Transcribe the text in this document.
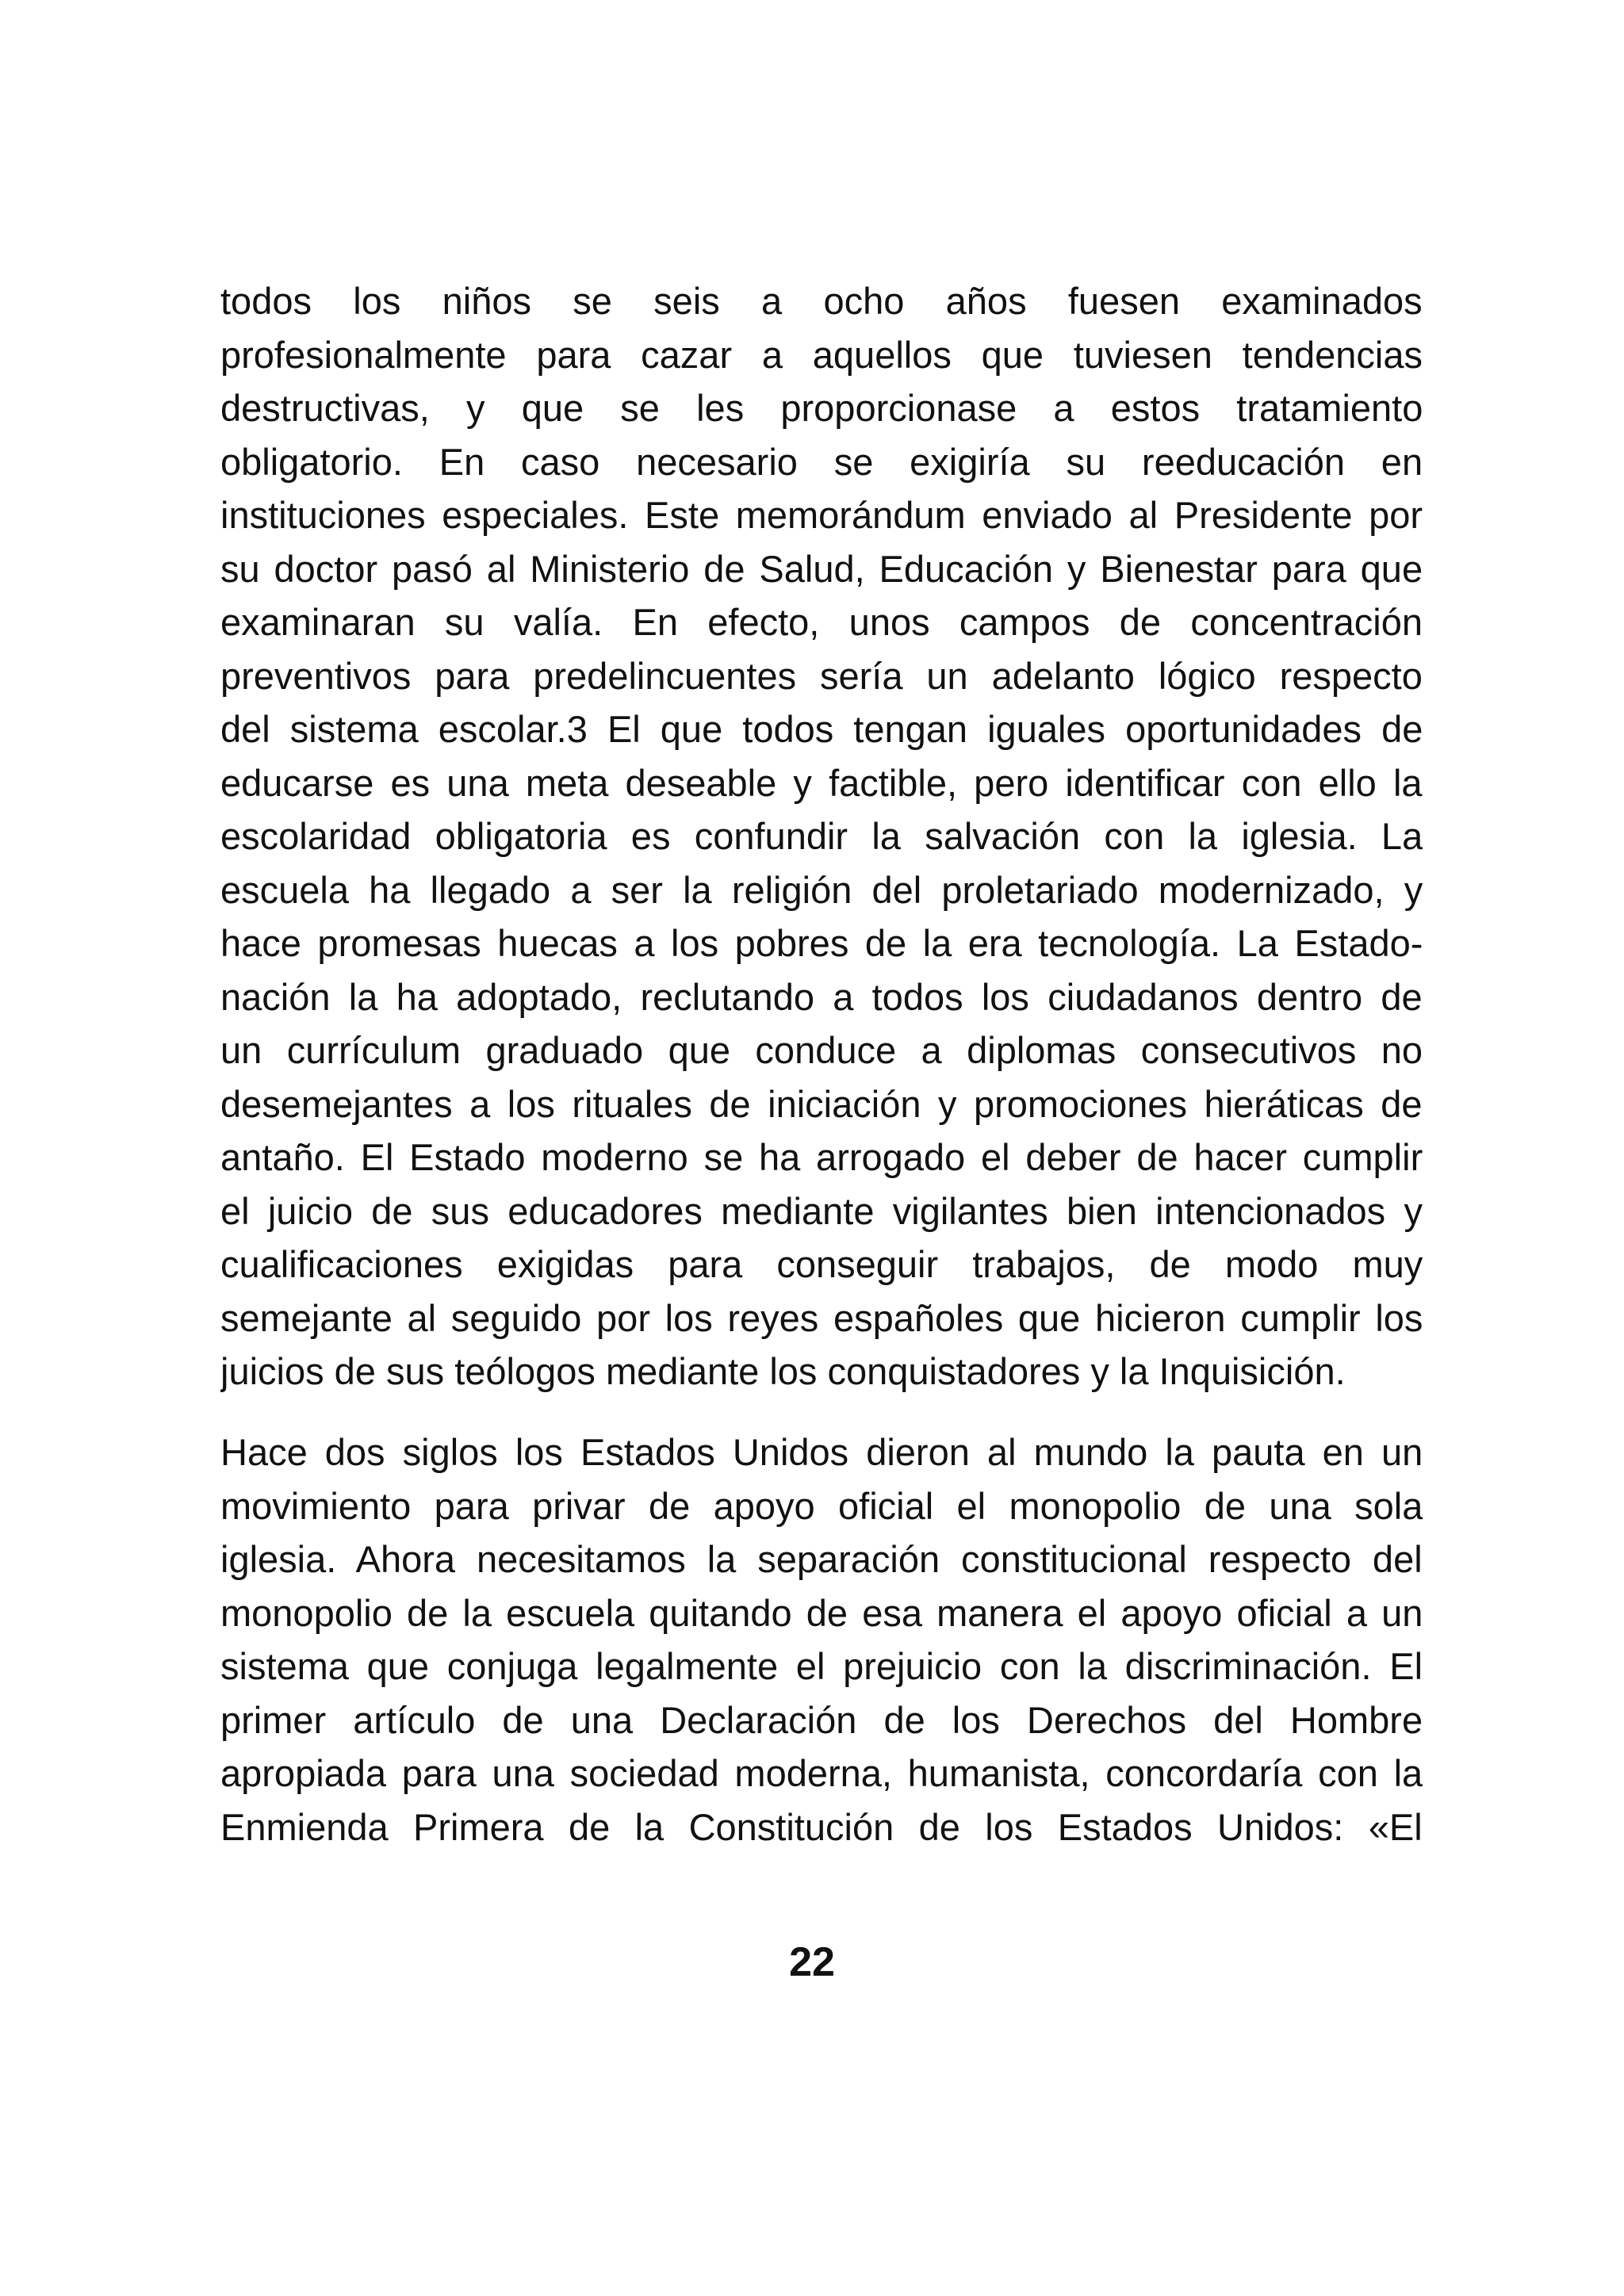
todos los niños se seis a ocho años fuesen examinados
profesionalmente para cazar a aquellos que tuviesen tendencias
destructivas, y que se les proporcionase a estos tratamiento
obligatorio. En caso necesario se exigiría su reeducación en
instituciones especiales. Este memorándum enviado al Presidente por
su doctor pasó al Ministerio de Salud, Educación y Bienestar para que
examinaran su valía. En efecto, unos campos de concentración
preventivos para predelincuentes sería un adelanto lógico respecto
del sistema escolar.3 El que todos tengan iguales oportunidades de
educarse es una meta deseable y factible, pero identificar con ello la
escolaridad obligatoria es confundir la salvación con la iglesia. La
escuela ha llegado a ser la religión del proletariado modernizado, y
hace promesas huecas a los pobres de la era tecnología. La Estado-
nación la ha adoptado, reclutando a todos los ciudadanos dentro de
un currículum graduado que conduce a diplomas consecutivos no
desemejantes a los rituales de iniciación y promociones hieráticas de
antaño. El Estado moderno se ha arrogado el deber de hacer cumplir
el juicio de sus educadores mediante vigilantes bien intencionados y
cualificaciones exigidas para conseguir trabajos, de modo muy
semejante al seguido por los reyes españoles que hicieron cumplir los
juicios de sus teólogos mediante los conquistadores y la Inquisición.
Hace dos siglos los Estados Unidos dieron al mundo la pauta en un
movimiento para privar de apoyo oficial el monopolio de una sola
iglesia. Ahora necesitamos la separación constitucional respecto del
monopolio de la escuela quitando de esa manera el apoyo oficial a un
sistema que conjuga legalmente el prejuicio con la discriminación. El
primer artículo de una Declaración de los Derechos del Hombre
apropiada para una sociedad moderna, humanista, concordaría con la
Enmienda Primera de la Constitución de los Estados Unidos: «El
22
